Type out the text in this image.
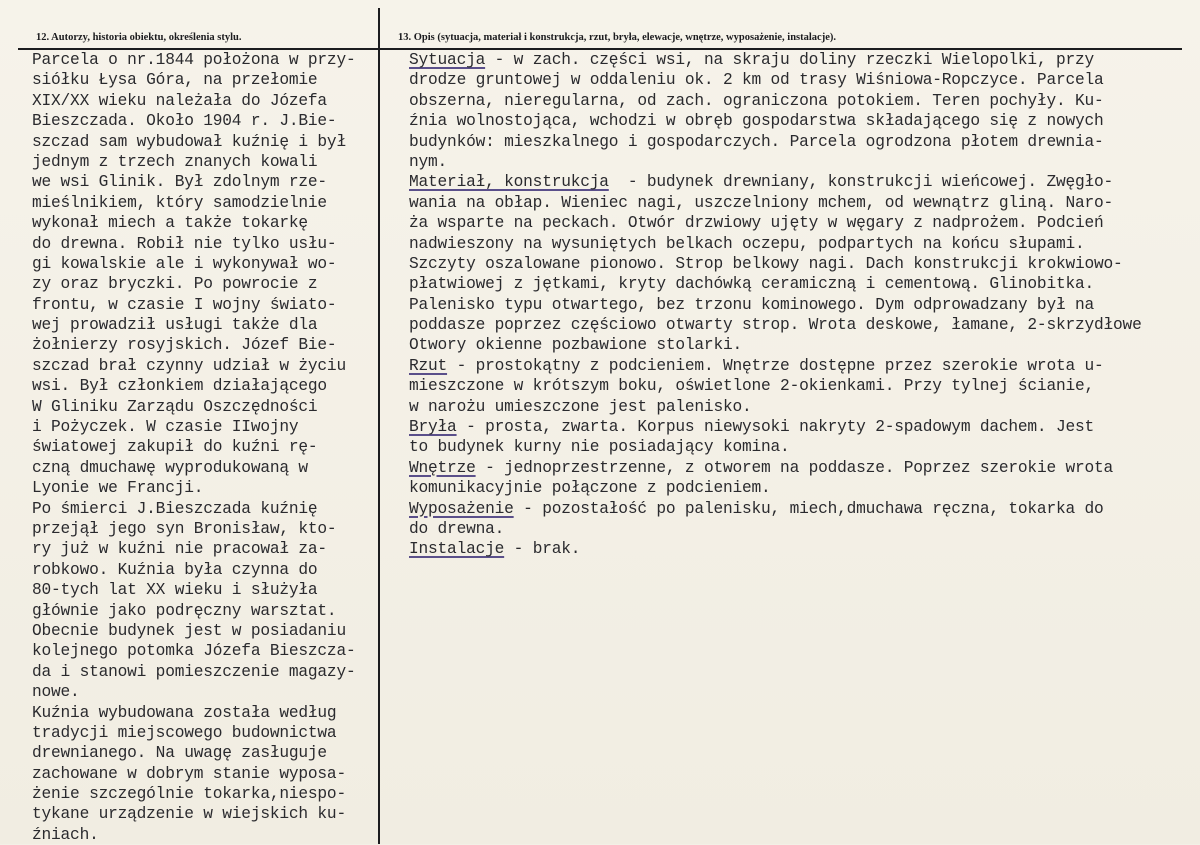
12. Autorzy, historia obiektu, określenia stylu.	13. Opis (sytuacja, materiał i konstrukcja, rzut, bryła, elewacje, wnętrze, wyposażenie, instalacje).
Parcela o nr.1844 położona w przy-
siółku Łysa Góra, na przełomie
XIX/XX wieku należała do Józefa
Bieszczada. Około 1904 r. J.Bie-
szczad sam wybudował kuźnię i był
jednym z trzech znanych kowali
we wsi Glinik. Był zdolnym rze-
mieślnikiem, który samodzielnie
wykonał miech a także tokarkę
do drewna. Robił nie tylko usłu-
gi kowalskie ale i wykonywał wo-
zy oraz bryczki. Po powrocie z
frontu, w czasie I wojny świato-
wej prowadził usługi także dla
żołnierzy rosyjskich. Józef Bie-
szczad brał czynny udział w życiu
wsi. Był członkiem działającego
W Gliniku Zarządu Oszczędności
i Pożyczek. W czasie IIwojny
światowej zakupił do kuźni rę-
czną dmuchawę wyprodukowaną w
Lyonie we Francji.
Po śmierci J.Bieszczada kuźnię
przejął jego syn Bronisław, kto-
ry już w kuźni nie pracował za-
robkowo. Kuźnia była czynna do
80-tych lat XX wieku i służyła
głównie jako podręczny warsztat.
Obecnie budynek jest w posiadaniu
kolejnego potomka Józefa Bieszcza-
da i stanowi pomieszczenie magazy-
nowe.
Kuźnia wybudowana została według
tradycji miejscowego budownictwa
drewnianego. Na uwagę zasługuje
zachowane w dobrym stanie wyposa-
żenie szczególnie tokarka,niespo-
tykane urządzenie w wiejskich ku-
źniach.
Sytuacja - w zach. części wsi, na skraju doliny rzeczki Wielopolki, przy
drodze gruntowej w oddaleniu ok. 2 km od trasy Wiśniowa-Ropczyce. Parcela
obszerna, nieregularna, od zach. ograniczona potokiem. Teren pochyły. Ku-
źnia wolnostojąca, wchodzi w obręb gospodarstwa składającego się z nowych
budynków: mieszkalnego i gospodarczych. Parcela ogrodzona płotem drewnia-
nym.
Materiał, konstrukcja  - budynek drewniany, konstrukcji wieńcowej. Zwęgło-
wania na obłap. Wieniec nagi, uszczelniony mchem, od wewnątrz gliną. Naro-
ża wsparte na peckach. Otwór drzwiowy ujęty w węgary z nadprożem. Podcień
nadwieszony na wysuniętych belkach oczepu, podpartych na końcu słupami.
Szczyty oszalowane pionowo. Strop belkowy nagi. Dach konstrukcji krokwiowo-
płatwiowej z jętkami, kryty dachówką ceramiczną i cementową. Glinobitka.
Palenisko typu otwartego, bez trzonu kominowego. Dym odprowadzany był na
poddasze poprzez częściowo otwarty strop. Wrota deskowe, łamane, 2-skrzydłowe
Otwory okienne pozbawione stolarki.
Rzut - prostokątny z podcieniem. Wnętrze dostępne przez szerokie wrota u-
mieszczone w krótszym boku, oświetlone 2-okienkami. Przy tylnej ścianie,
w narożu umieszczone jest palenisko.
Bryła - prosta, zwarta. Korpus niewysoki nakryty 2-spadowym dachem. Jest
to budynek kurny nie posiadający komina.
Wnętrze - jednoprzestrzenne, z otworem na poddasze. Poprzez szerokie wrota
komunikacyjnie połączone z podcieniem.
Wyposażenie - pozostałość po palenisku, miech,dmuchawa ręczna, tokarka do
do drewna.
Instalacje - brak.
